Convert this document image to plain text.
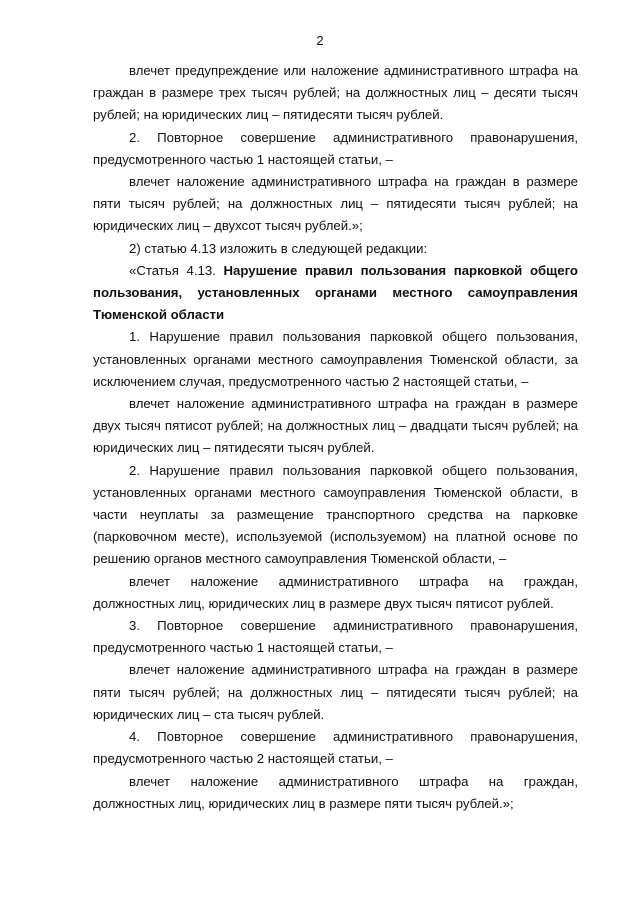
2

влечет предупреждение или наложение административного штрафа на граждан в размере трех тысяч рублей; на должностных лиц – десяти тысяч рублей; на юридических лиц – пятидесяти тысяч рублей.

2. Повторное совершение административного правонарушения, предусмотренного частью 1 настоящей статьи, –

влечет наложение административного штрафа на граждан в размере пяти тысяч рублей; на должностных лиц – пятидесяти тысяч рублей; на юридических лиц – двухсот тысяч рублей.»;

2) статью 4.13 изложить в следующей редакции:

«Статья 4.13. Нарушение правил пользования парковкой общего пользования, установленных органами местного самоуправления Тюменской области

1. Нарушение правил пользования парковкой общего пользования, установленных органами местного самоуправления Тюменской области, за исключением случая, предусмотренного частью 2 настоящей статьи, –

влечет наложение административного штрафа на граждан в размере двух тысяч пятисот рублей; на должностных лиц – двадцати тысяч рублей; на юридических лиц – пятидесяти тысяч рублей.

2. Нарушение правил пользования парковкой общего пользования, установленных органами местного самоуправления Тюменской области, в части неуплаты за размещение транспортного средства на парковке (парковочном месте), используемой (используемом) на платной основе по решению органов местного самоуправления Тюменской области, –

влечет наложение административного штрафа на граждан, должностных лиц, юридических лиц в размере двух тысяч пятисот рублей.

3. Повторное совершение административного правонарушения, предусмотренного частью 1 настоящей статьи, –

влечет наложение административного штрафа на граждан в размере пяти тысяч рублей; на должностных лиц – пятидесяти тысяч рублей; на юридических лиц – ста тысяч рублей.

4. Повторное совершение административного правонарушения, предусмотренного частью 2 настоящей статьи, –

влечет наложение административного штрафа на граждан, должностных лиц, юридических лиц в размере пяти тысяч рублей.»;
